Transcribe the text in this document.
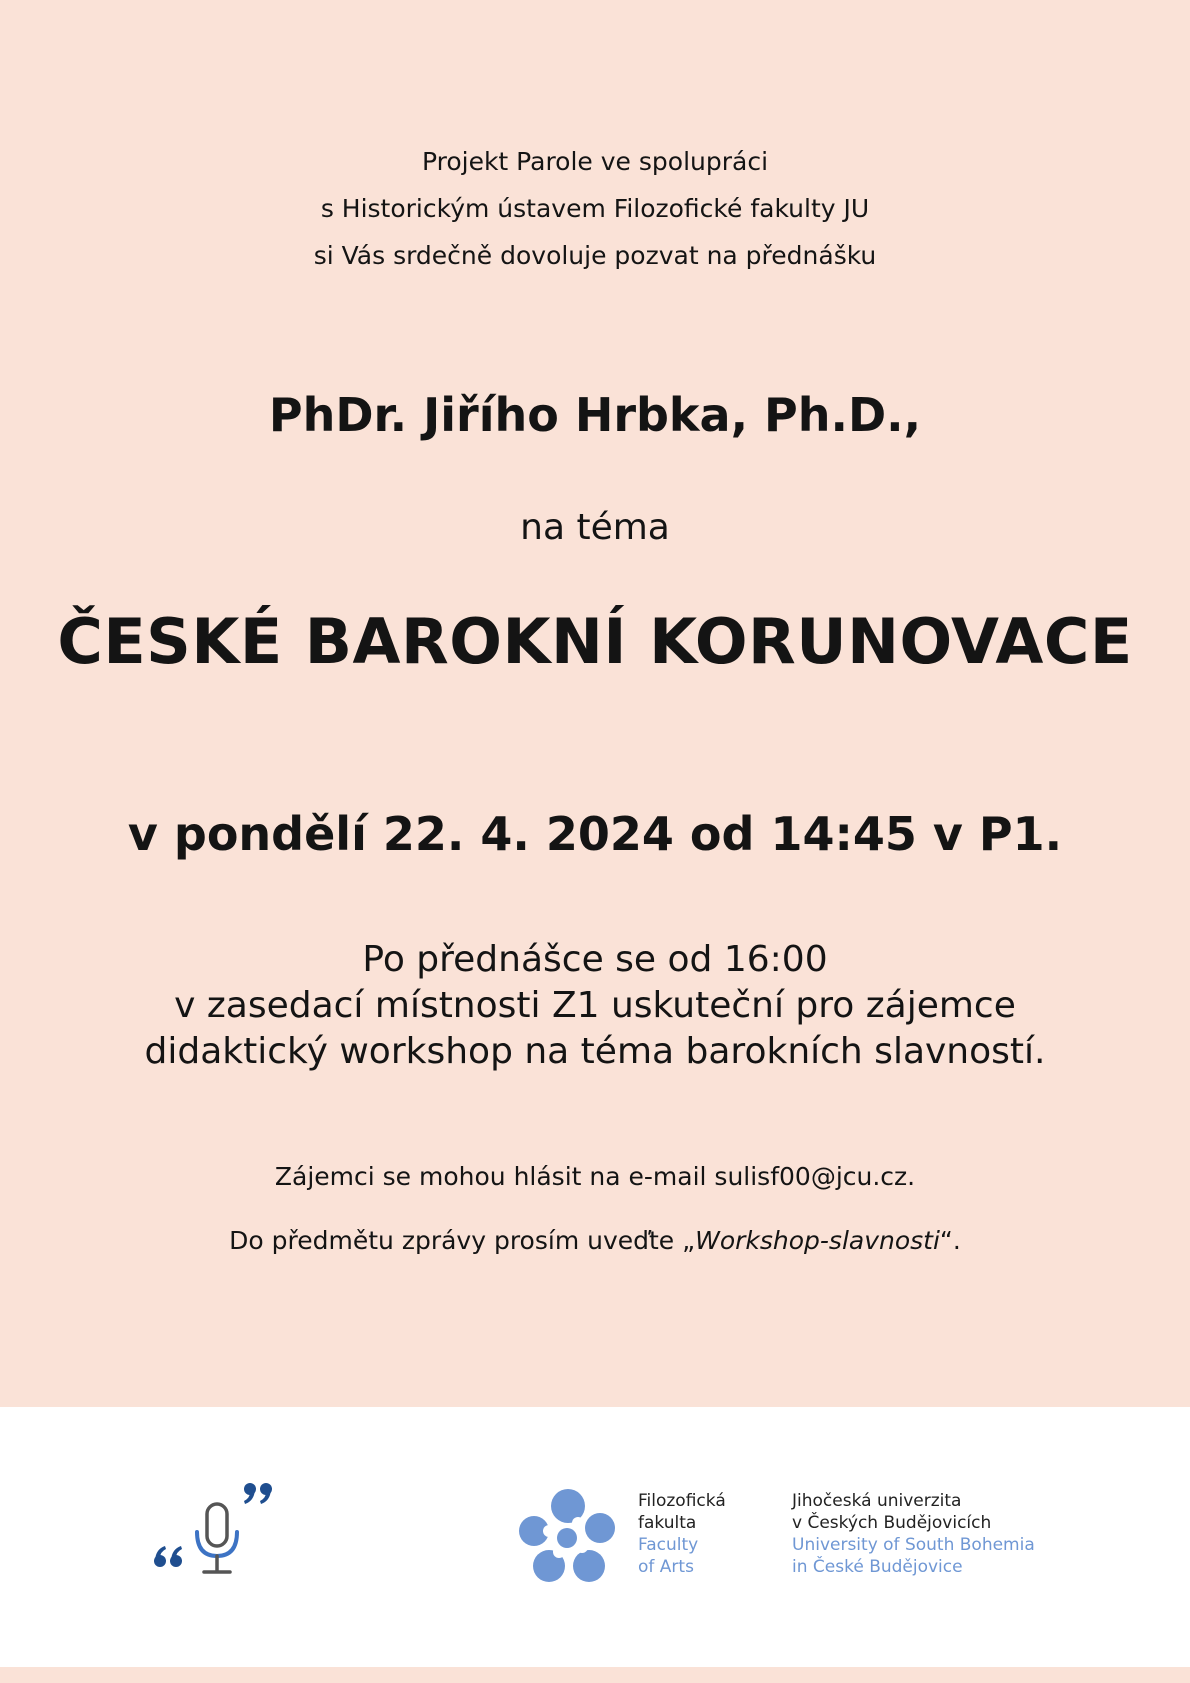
Projekt Parole ve spolupráci
s Historickým ústavem Filozofické fakulty JU
si Vás srdečně dovoluje pozvat na přednášku
PhDr. Jiřího Hrbka, Ph.D.,
na téma
ČESKÉ BAROKNÍ KORUNOVACE
v pondělí 22. 4. 2024 od 14:45 v P1.
Po přednášce se od 16:00
v zasedací místnosti Z1 uskuteční pro zájemce
didaktický workshop na téma barokních slavností.
Zájemci se mohou hlásit na e-mail sulisf00@jcu.cz.
Do předmětu zprávy prosím uveďte „Workshop-slavnosti“.
Filozofická
fakulta
Faculty
of Arts
Jihočeská univerzita
v Českých Budějovicích
University of South Bohemia
in České Budějovice
